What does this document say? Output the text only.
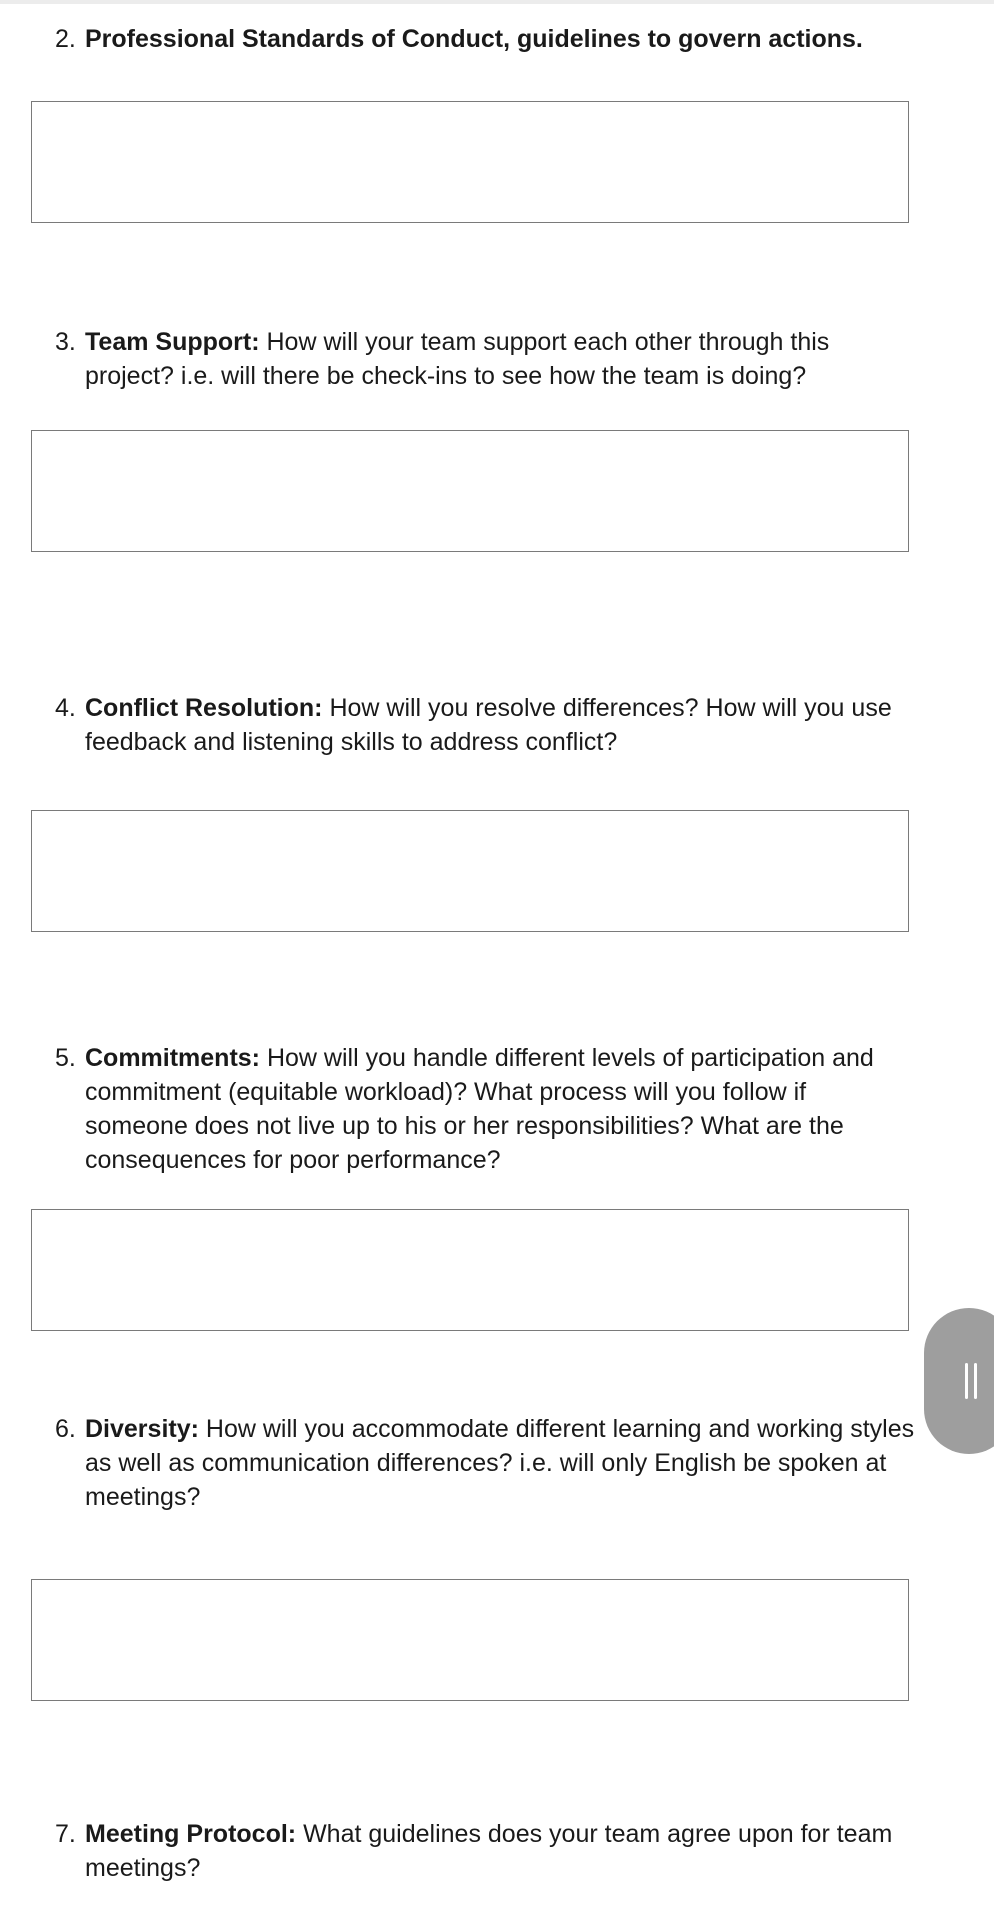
2. Professional Standards of Conduct, guidelines to govern actions.
3. Team Support: How will your team support each other through this project? i.e. will there be check-ins to see how the team is doing?
4. Conflict Resolution: How will you resolve differences? How will you use feedback and listening skills to address conflict?
5. Commitments: How will you handle different levels of participation and commitment (equitable workload)? What process will you follow if someone does not live up to his or her responsibilities? What are the consequences for poor performance?
6. Diversity: How will you accommodate different learning and working styles as well as communication differences? i.e. will only English be spoken at meetings?
7. Meeting Protocol: What guidelines does your team agree upon for team meetings?
